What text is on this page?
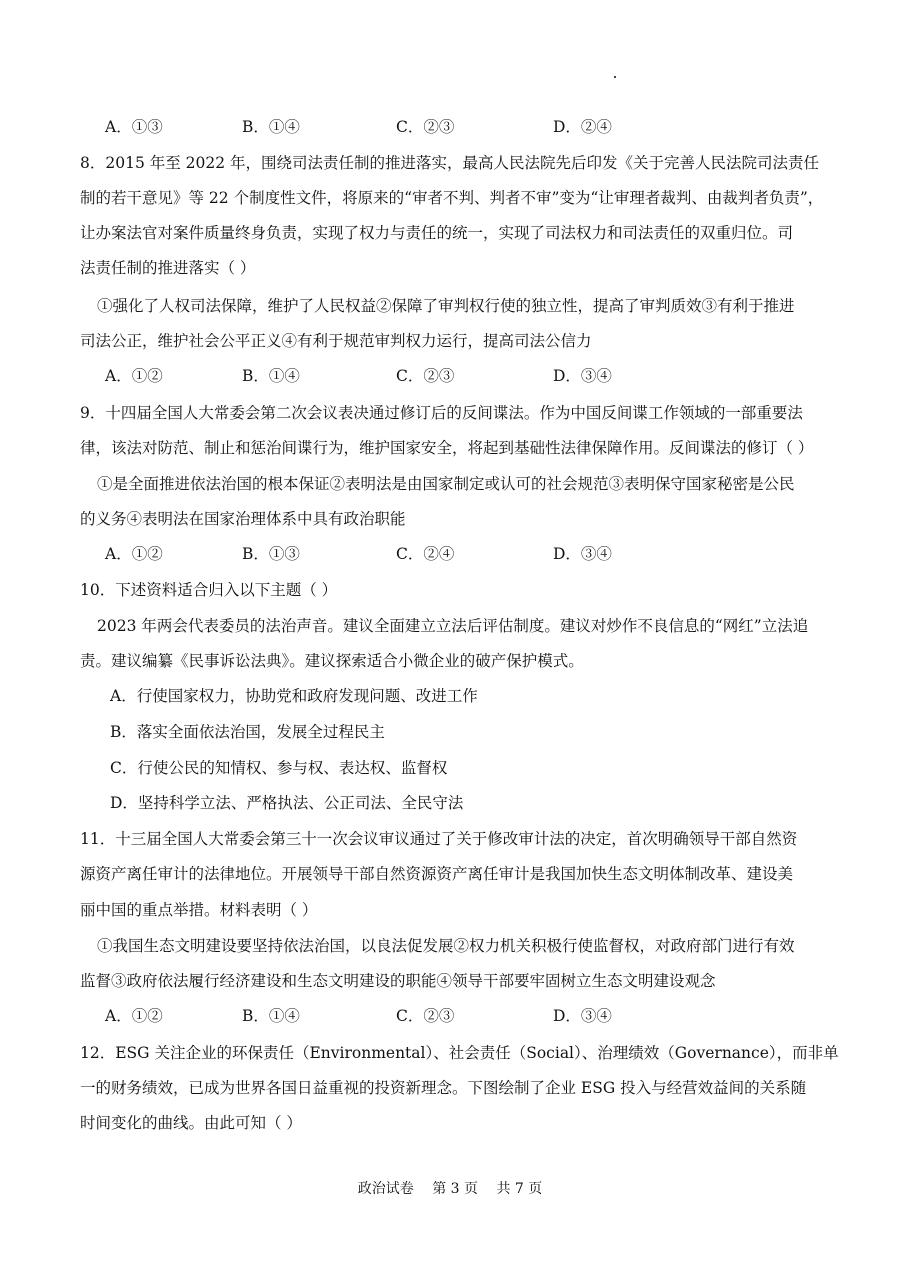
A．①③	B．①④	C．②③	D．②④
8．2015 年至 2022 年，围绕司法责任制的推进落实，最高人民法院先后印发《关于完善人民法院司法责任
制的若干意见》等 22 个制度性文件，将原来的“审者不判、判者不审”变为“让审理者裁判、由裁判者负责”，
让办案法官对案件质量终身负责，实现了权力与责任的统一，实现了司法权力和司法责任的双重归位。司
法责任制的推进落实（ ）
①强化了人权司法保障，维护了人民权益②保障了审判权行使的独立性，提高了审判质效③有利于推进
司法公正，维护社会公平正义④有利于规范审判权力运行，提高司法公信力
A．①②	B．①④	C．②③	D．③④
9．十四届全国人大常委会第二次会议表决通过修订后的反间谍法。作为中国反间谍工作领域的一部重要法
律，该法对防范、制止和惩治间谍行为，维护国家安全，将起到基础性法律保障作用。反间谍法的修订（ ）
①是全面推进依法治国的根本保证②表明法是由国家制定或认可的社会规范③表明保守国家秘密是公民
的义务④表明法在国家治理体系中具有政治职能
A．①②	B．①③	C．②④	D．③④
10．下述资料适合归入以下主题（ ）
2023 年两会代表委员的法治声音。建议全面建立立法后评估制度。建议对炒作不良信息的“网红”立法追
责。建议编纂《民事诉讼法典》。建议探索适合小微企业的破产保护模式。
A．行使国家权力，协助党和政府发现问题、改进工作
B．落实全面依法治国，发展全过程民主
C．行使公民的知情权、参与权、表达权、监督权
D．坚持科学立法、严格执法、公正司法、全民守法
11．十三届全国人大常委会第三十一次会议审议通过了关于修改审计法的决定，首次明确领导干部自然资
源资产离任审计的法律地位。开展领导干部自然资源资产离任审计是我国加快生态文明体制改革、建设美
丽中国的重点举措。材料表明（ ）
①我国生态文明建设要坚持依法治国，以良法促发展②权力机关积极行使监督权，对政府部门进行有效
监督③政府依法履行经济建设和生态文明建设的职能④领导干部要牢固树立生态文明建设观念
A．①②	B．①④	C．②③	D．③④
12．ESG 关注企业的环保责任（Environmental）、社会责任（Social）、治理绩效（Governance），而非单
一的财务绩效，已成为世界各国日益重视的投资新理念。下图绘制了企业 ESG 投入与经营效益间的关系随
时间变化的曲线。由此可知（ ）
政治试卷 第 3 页 共 7 页
